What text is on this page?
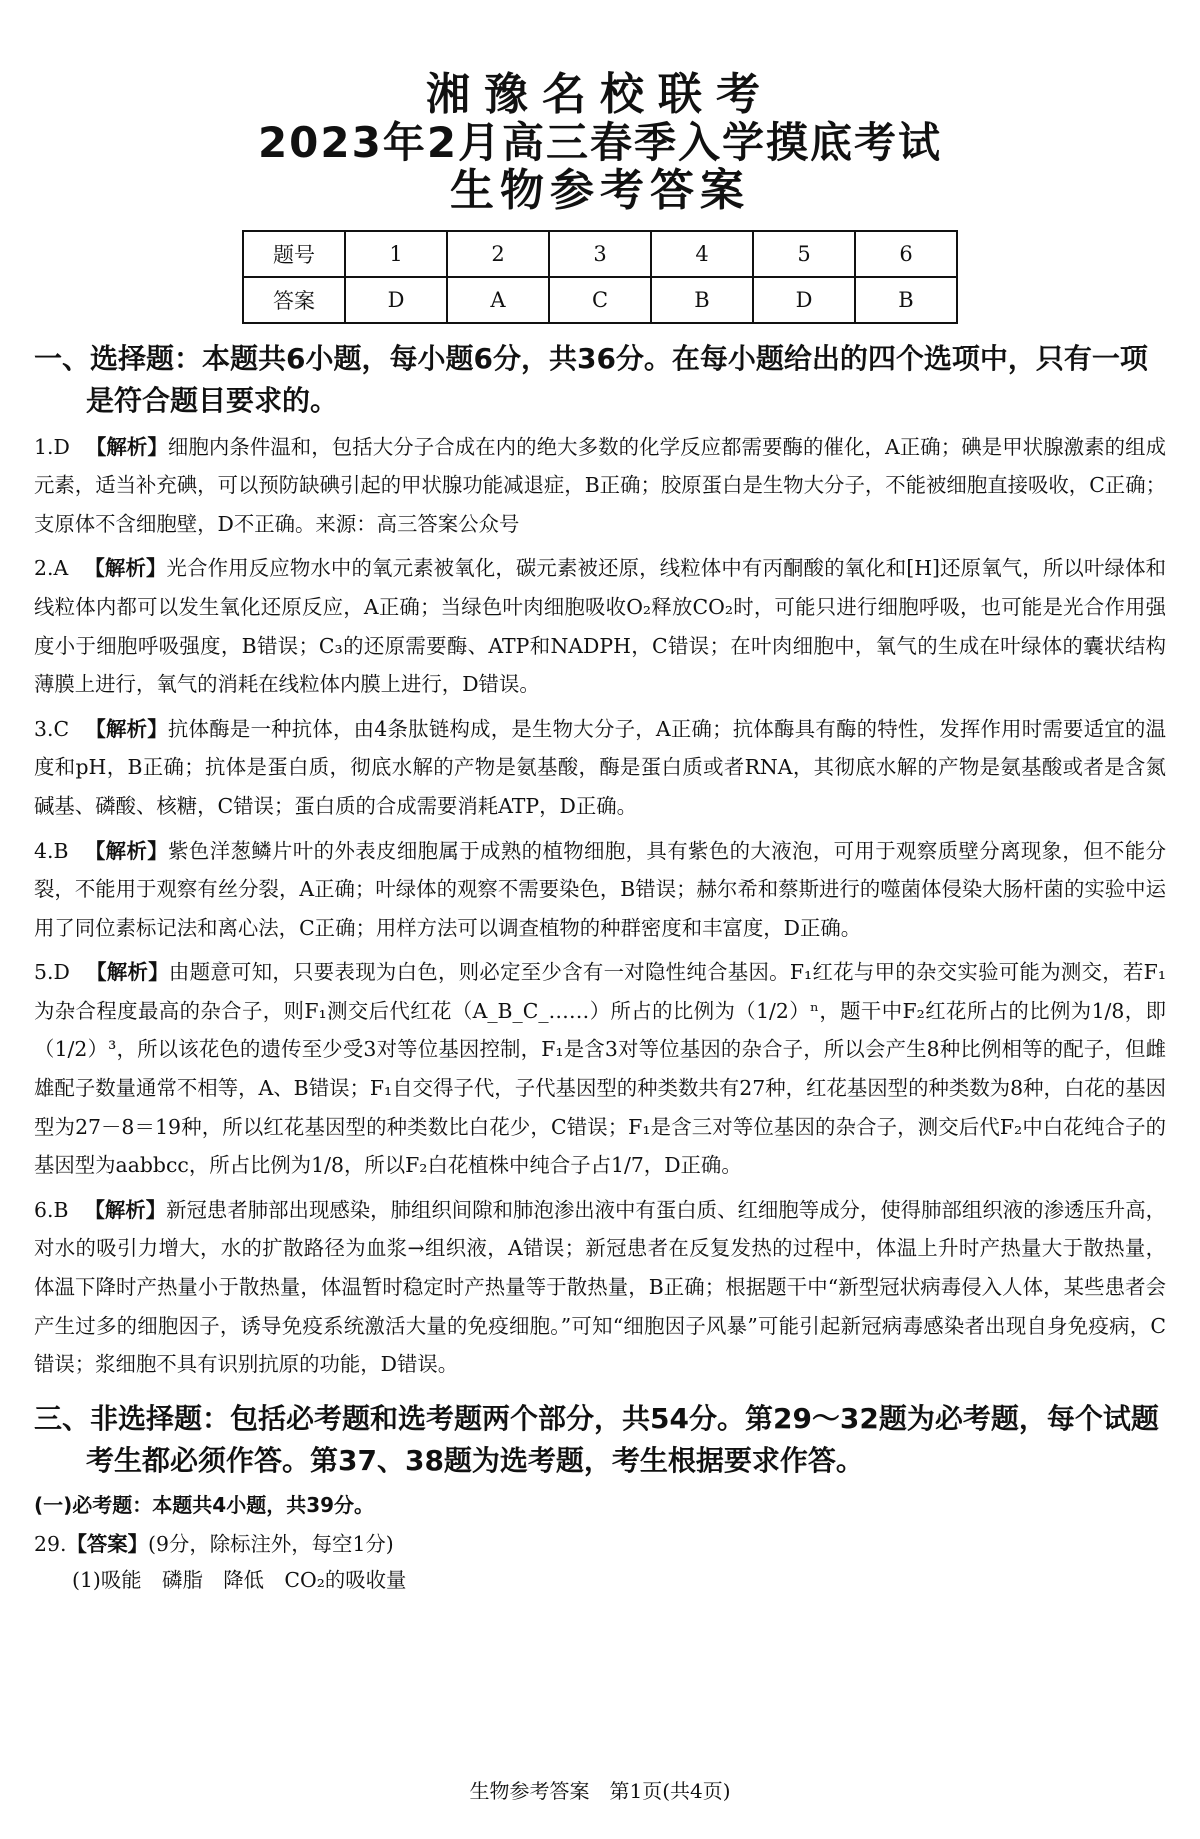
湘豫名校联考
2023年2月高三春季入学摸底考试
生物参考答案
题号	1	2	3	4	5	6
答案	D	A	C	B	D	B
一、选择题：本题共6小题，每小题6分，共36分。在每小题给出的四个选项中，只有一项是符合题目要求的。

1.D 【解析】细胞内条件温和，包括大分子合成在内的绝大多数的化学反应都需要酶的催化，A正确；碘是甲状腺激素的组成元素，适当补充碘，可以预防缺碘引起的甲状腺功能减退症，B正确；胶原蛋白是生物大分子，不能被细胞直接吸收，C正确；支原体不含细胞壁，D不正确。来源：高三答案公众号

2.A 【解析】光合作用反应物水中的氧元素被氧化，碳元素被还原，线粒体中有丙酮酸的氧化和[H]还原氧气，所以叶绿体和线粒体内都可以发生氧化还原反应，A正确；当绿色叶肉细胞吸收O₂释放CO₂时，可能只进行细胞呼吸，也可能是光合作用强度小于细胞呼吸强度，B错误；C₃的还原需要酶、ATP和NADPH，C错误；在叶肉细胞中，氧气的生成在叶绿体的囊状结构薄膜上进行，氧气的消耗在线粒体内膜上进行，D错误。

3.C 【解析】抗体酶是一种抗体，由4条肽链构成，是生物大分子，A正确；抗体酶具有酶的特性，发挥作用时需要适宜的温度和pH，B正确；抗体是蛋白质，彻底水解的产物是氨基酸，酶是蛋白质或者RNA，其彻底水解的产物是氨基酸或者是含氮碱基、磷酸、核糖，C错误；蛋白质的合成需要消耗ATP，D正确。

4.B 【解析】紫色洋葱鳞片叶的外表皮细胞属于成熟的植物细胞，具有紫色的大液泡，可用于观察质壁分离现象，但不能分裂，不能用于观察有丝分裂，A正确；叶绿体的观察不需要染色，B错误；赫尔希和蔡斯进行的噬菌体侵染大肠杆菌的实验中运用了同位素标记法和离心法，C正确；用样方法可以调查植物的种群密度和丰富度，D正确。

5.D 【解析】由题意可知，只要表现为白色，则必定至少含有一对隐性纯合基因。F₁红花与甲的杂交实验可能为测交，若F₁为杂合程度最高的杂合子，则F₁测交后代红花（A_B_C_……）所占的比例为（1/2）ⁿ，题干中F₂红花所占的比例为1/8，即（1/2）³，所以该花色的遗传至少受3对等位基因控制，F₁是含3对等位基因的杂合子，所以会产生8种比例相等的配子，但雌雄配子数量通常不相等，A、B错误；F₁自交得子代，子代基因型的种类数共有27种，红花基因型的种类数为8种，白花的基因型为27－8＝19种，所以红花基因型的种类数比白花少，C错误；F₁是含三对等位基因的杂合子，测交后代F₂中白花纯合子的基因型为aabbcc，所占比例为1/8，所以F₂白花植株中纯合子占1/7，D正确。

6.B 【解析】新冠患者肺部出现感染，肺组织间隙和肺泡渗出液中有蛋白质、红细胞等成分，使得肺部组织液的渗透压升高，对水的吸引力增大，水的扩散路径为血浆→组织液，A错误；新冠患者在反复发热的过程中，体温上升时产热量大于散热量，体温下降时产热量小于散热量，体温暂时稳定时产热量等于散热量，B正确；根据题干中“新型冠状病毒侵入人体，某些患者会产生过多的细胞因子，诱导免疫系统激活大量的免疫细胞。”可知“细胞因子风暴”可能引起新冠病毒感染者出现自身免疫病，C错误；浆细胞不具有识别抗原的功能，D错误。

三、非选择题：包括必考题和选考题两个部分，共54分。第29～32题为必考题，每个试题考生都必须作答。第37、38题为选考题，考生根据要求作答。
(一)必考题：本题共4小题，共39分。

29.【答案】(9分，除标注外，每空1分)

(1)吸能　磷脂　降低　CO₂的吸收量

生物参考答案　第1页(共4页)
